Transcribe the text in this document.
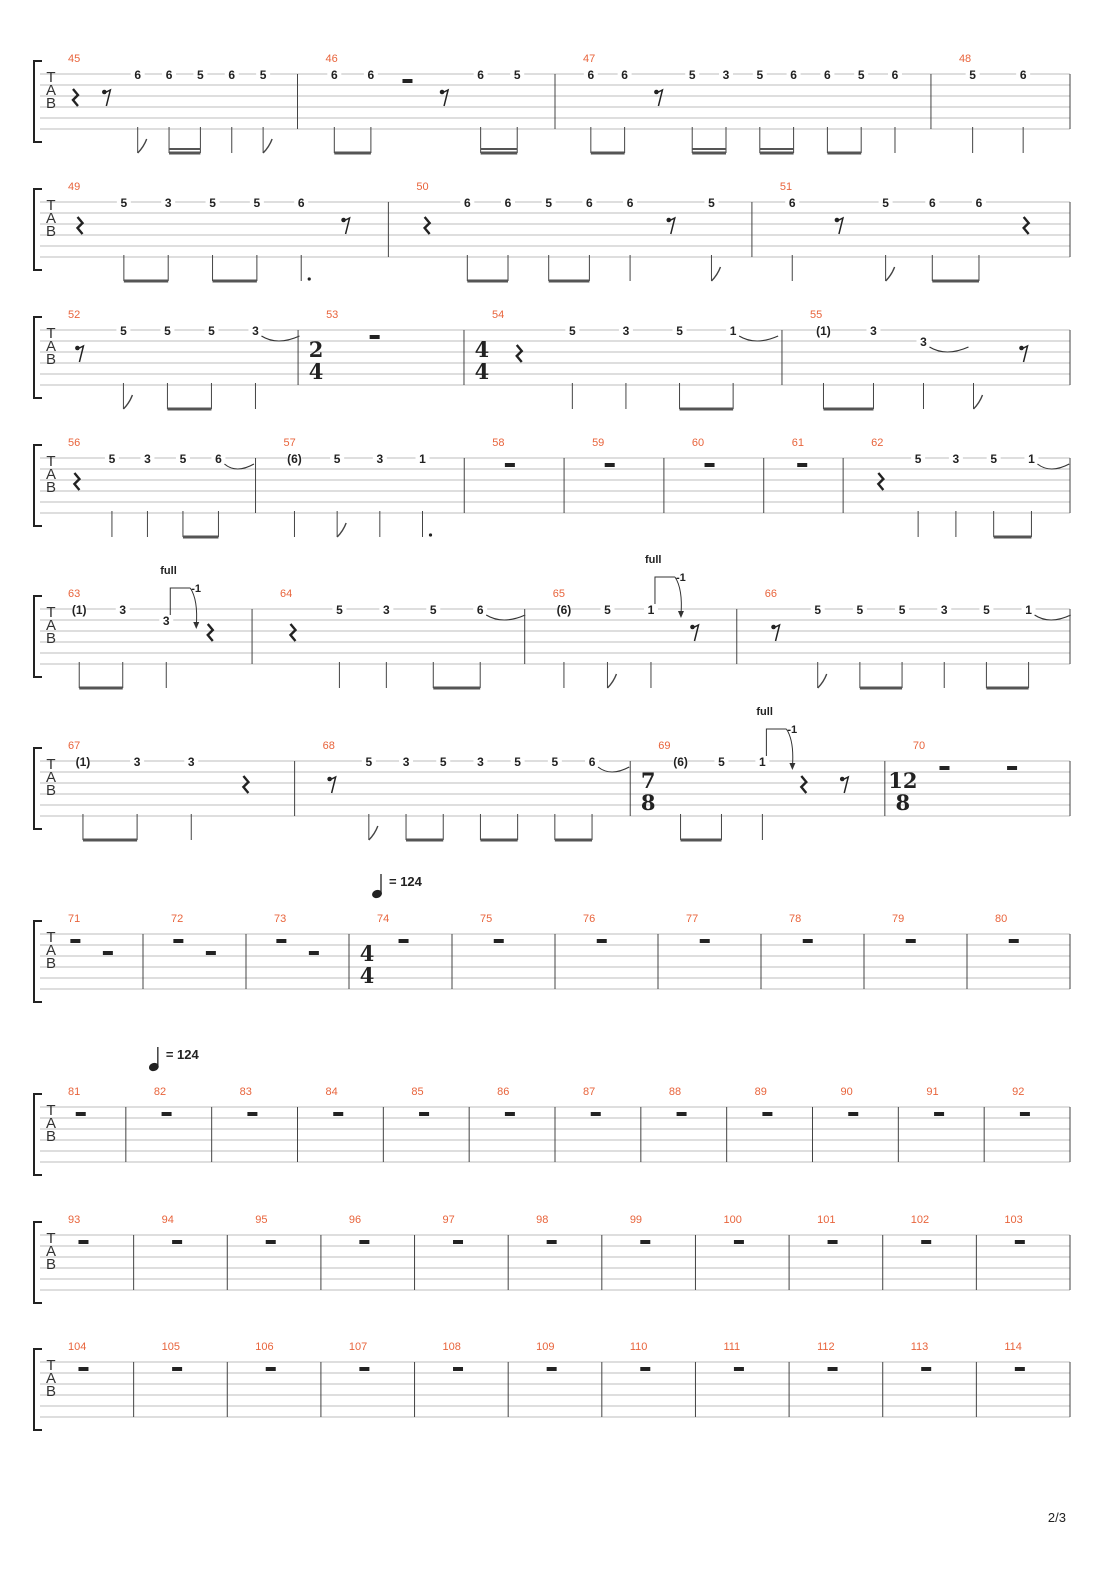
T
A
B
45
6 6 5 6 5
46
6 6	6 5
47
6 6	5 3 5 6 6 5 6
48
5	6
T
A
B
49
5	3	5	5	6
50
6	6	5	6	6	5
51
6	5	6	6
T
A
B
52
5	5	5	3
53
2
4
54
4
4
5	3	5	1
55
(1)	3
3
T
A
B
56
5 3 5 6
57
(6)	5	3	1
58	59	60	61	62
5	3	5	1
T
A
B
63
(1)	3
3
full
-1	64
5	3	5	6
65
(6)	5	1
full
-1
66
5	5	5	3	5	1
T
A
B
67
(1)	3	3
68
5	3	5	3	5	5	6
69
7
8
(6)	5	1
full
-1
70
12
8
T
A
B
71	72	73	74
4
4
= 124
75	76	77	78	79	80
T
A
B
81	82
= 124
83	84	85	86	87	88	89	90	91	92
T
A
B
93	94	95	96	97	98	99	100	101	102	103
T
A
B
104	105	106	107	108	109	110	111	112	113	114
2/3
